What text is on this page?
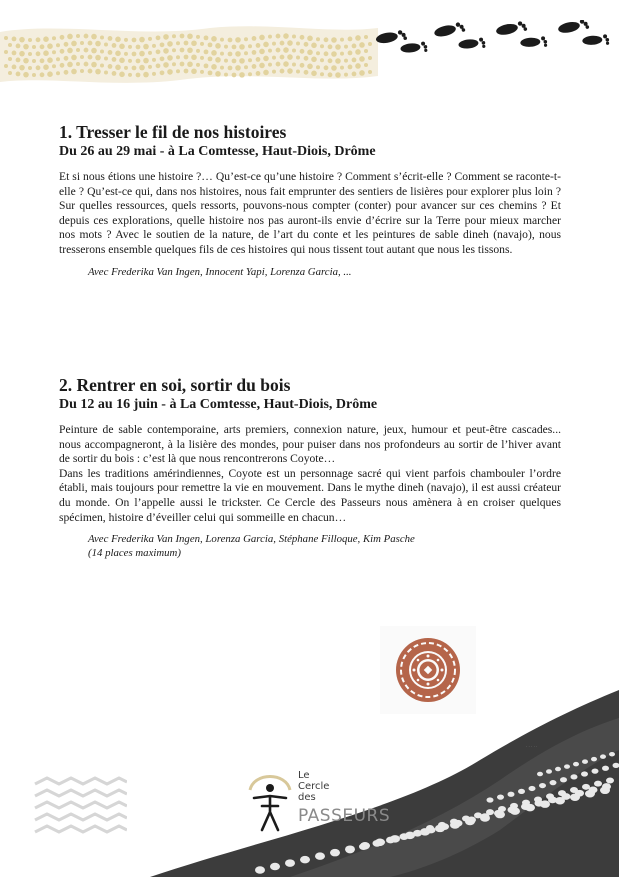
1. Tresser le fil de nos histoires
Du 26 au 29 mai - à La Comtesse, Haut-Diois, Drôme

Et si nous étions une histoire ?… Qu’est-ce qu’une histoire ? Comment s’écrit-elle ? Comment se raconte-t-elle ? Qu’est-ce qui, dans nos histoires, nous fait emprunter des sentiers de lisières pour explorer plus loin ? Sur quelles ressources, quels ressorts, pouvons-nous compter (conter) pour avancer sur ces chemins ? Et depuis ces explorations, quelle histoire nos pas auront-ils envie d’écrire sur la Terre pour mieux marcher nos mots ? Avec le soutien de la nature, de l’art du conte et les peintures de sable dineh (navajo), nous tresserons ensemble quelques fils de ces histoires qui nous tissent tout autant que nous les tissons.

Avec Frederika Van Ingen, Innocent Yapi, Lorenza Garcia, ...
2. Rentrer en soi, sortir du bois
Du 12 au 16 juin - à La Comtesse, Haut-Diois, Drôme

Peinture de sable contemporaine, arts premiers, connexion nature, jeux, humour et peut-être cascades... nous accompagneront, à la lisière des mondes, pour puiser dans nos profondeurs au sortir de l’hiver avant de sortir du bois : c’est là que nous rencontrerons Coyote…

Dans les traditions amérindiennes, Coyote est un personnage sacré qui vient parfois chambouler l’ordre établi, mais toujours pour remettre la vie en mouvement. Dans le mythe dineh (navajo), il est aussi créateur du monde. On l’appelle aussi le trickster. Ce Cercle des Passeurs nous amènera à en croiser quelques spécimen, histoire d’éveiller celui qui sommeille en chacun…

Avec Frederika Van Ingen, Lorenza Garcia, Stéphane Filloque, Kim Pasche
(14 places maximum)
· · · · ·
Le
Cercle
des
PASSEURS
